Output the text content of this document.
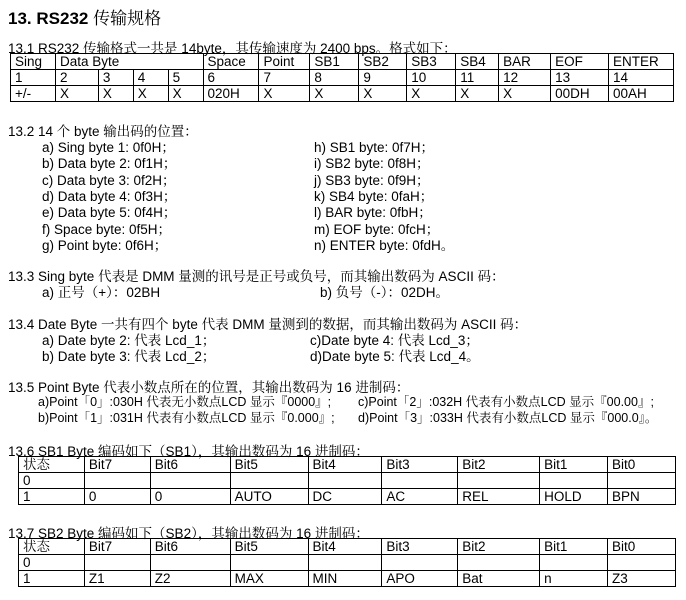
13. RS232 传输规格
13.1 RS232 传输格式一共是 14byte，其传输速度为 2400 bps。格式如下：
Sing	Data Byte				Space	Point	SB1	SB2	SB3	SB4	BAR	EOF	ENTER
1	2	3	4	5	6	7	8	9	10	11	12	13	14
+/-	X	X	X	X	020H	X	X	X	X	X	X	00DH	00AH
13.2 14 个 byte 输出码的位置：
a) Sing byte 1: 0f0H；
b) Data byte 2: 0f1H；
c) Data byte 3: 0f2H；
d) Data byte 4: 0f3H；
e) Data byte 5: 0f4H；
f) Space byte: 0f5H；
g) Point byte: 0f6H；
h) SB1 byte: 0f7H；
i) SB2 byte: 0f8H；
j) SB3 byte: 0f9H；
k) SB4 byte: 0faH；
l) BAR byte: 0fbH；
m) EOF byte: 0fcH；
n) ENTER byte: 0fdH。
13.3 Sing byte 代表是 DMM 量测的讯号是正号或负号，而其输出数码为 ASCII 码：
a) 正号（+）：02BH	b) 负号（-）：02DH。
13.4 Date Byte 一共有四个 byte 代表 DMM 量测到的数据，而其输出数码为 ASCII 码：
a) Date byte 2: 代表 Lcd_1；	c)Date byte 4: 代表 Lcd_3；
b) Date byte 3: 代表 Lcd_2；	d)Date byte 5: 代表 Lcd_4。
13.5 Point Byte 代表小数点所在的位置，其输出数码为 16 进制码：
a)Point「0」:030H 代表无小数点LCD 显示『0000』; c)Point「2」:032H 代表有小数点LCD 显示『00.00』;
b)Point「1」:031H 代表有小数点LCD 显示『0.000』; d)Point「3」:033H 代表有小数点LCD 显示『000.0』。
13.6 SB1 Byte 编码如下（SB1），其输出数码为 16 进制码：
状态	Bit7	Bit6	Bit5	Bit4	Bit3	Bit2	Bit1	Bit0
0								
1	0	0	AUTO	DC	AC	REL	HOLD	BPN
13.7 SB2 Byte 编码如下（SB2），其输出数码为 16 进制码：
状态	Bit7	Bit6	Bit5	Bit4	Bit3	Bit2	Bit1	Bit0
0								
1	Z1	Z2	MAX	MIN	APO	Bat	n	Z3
